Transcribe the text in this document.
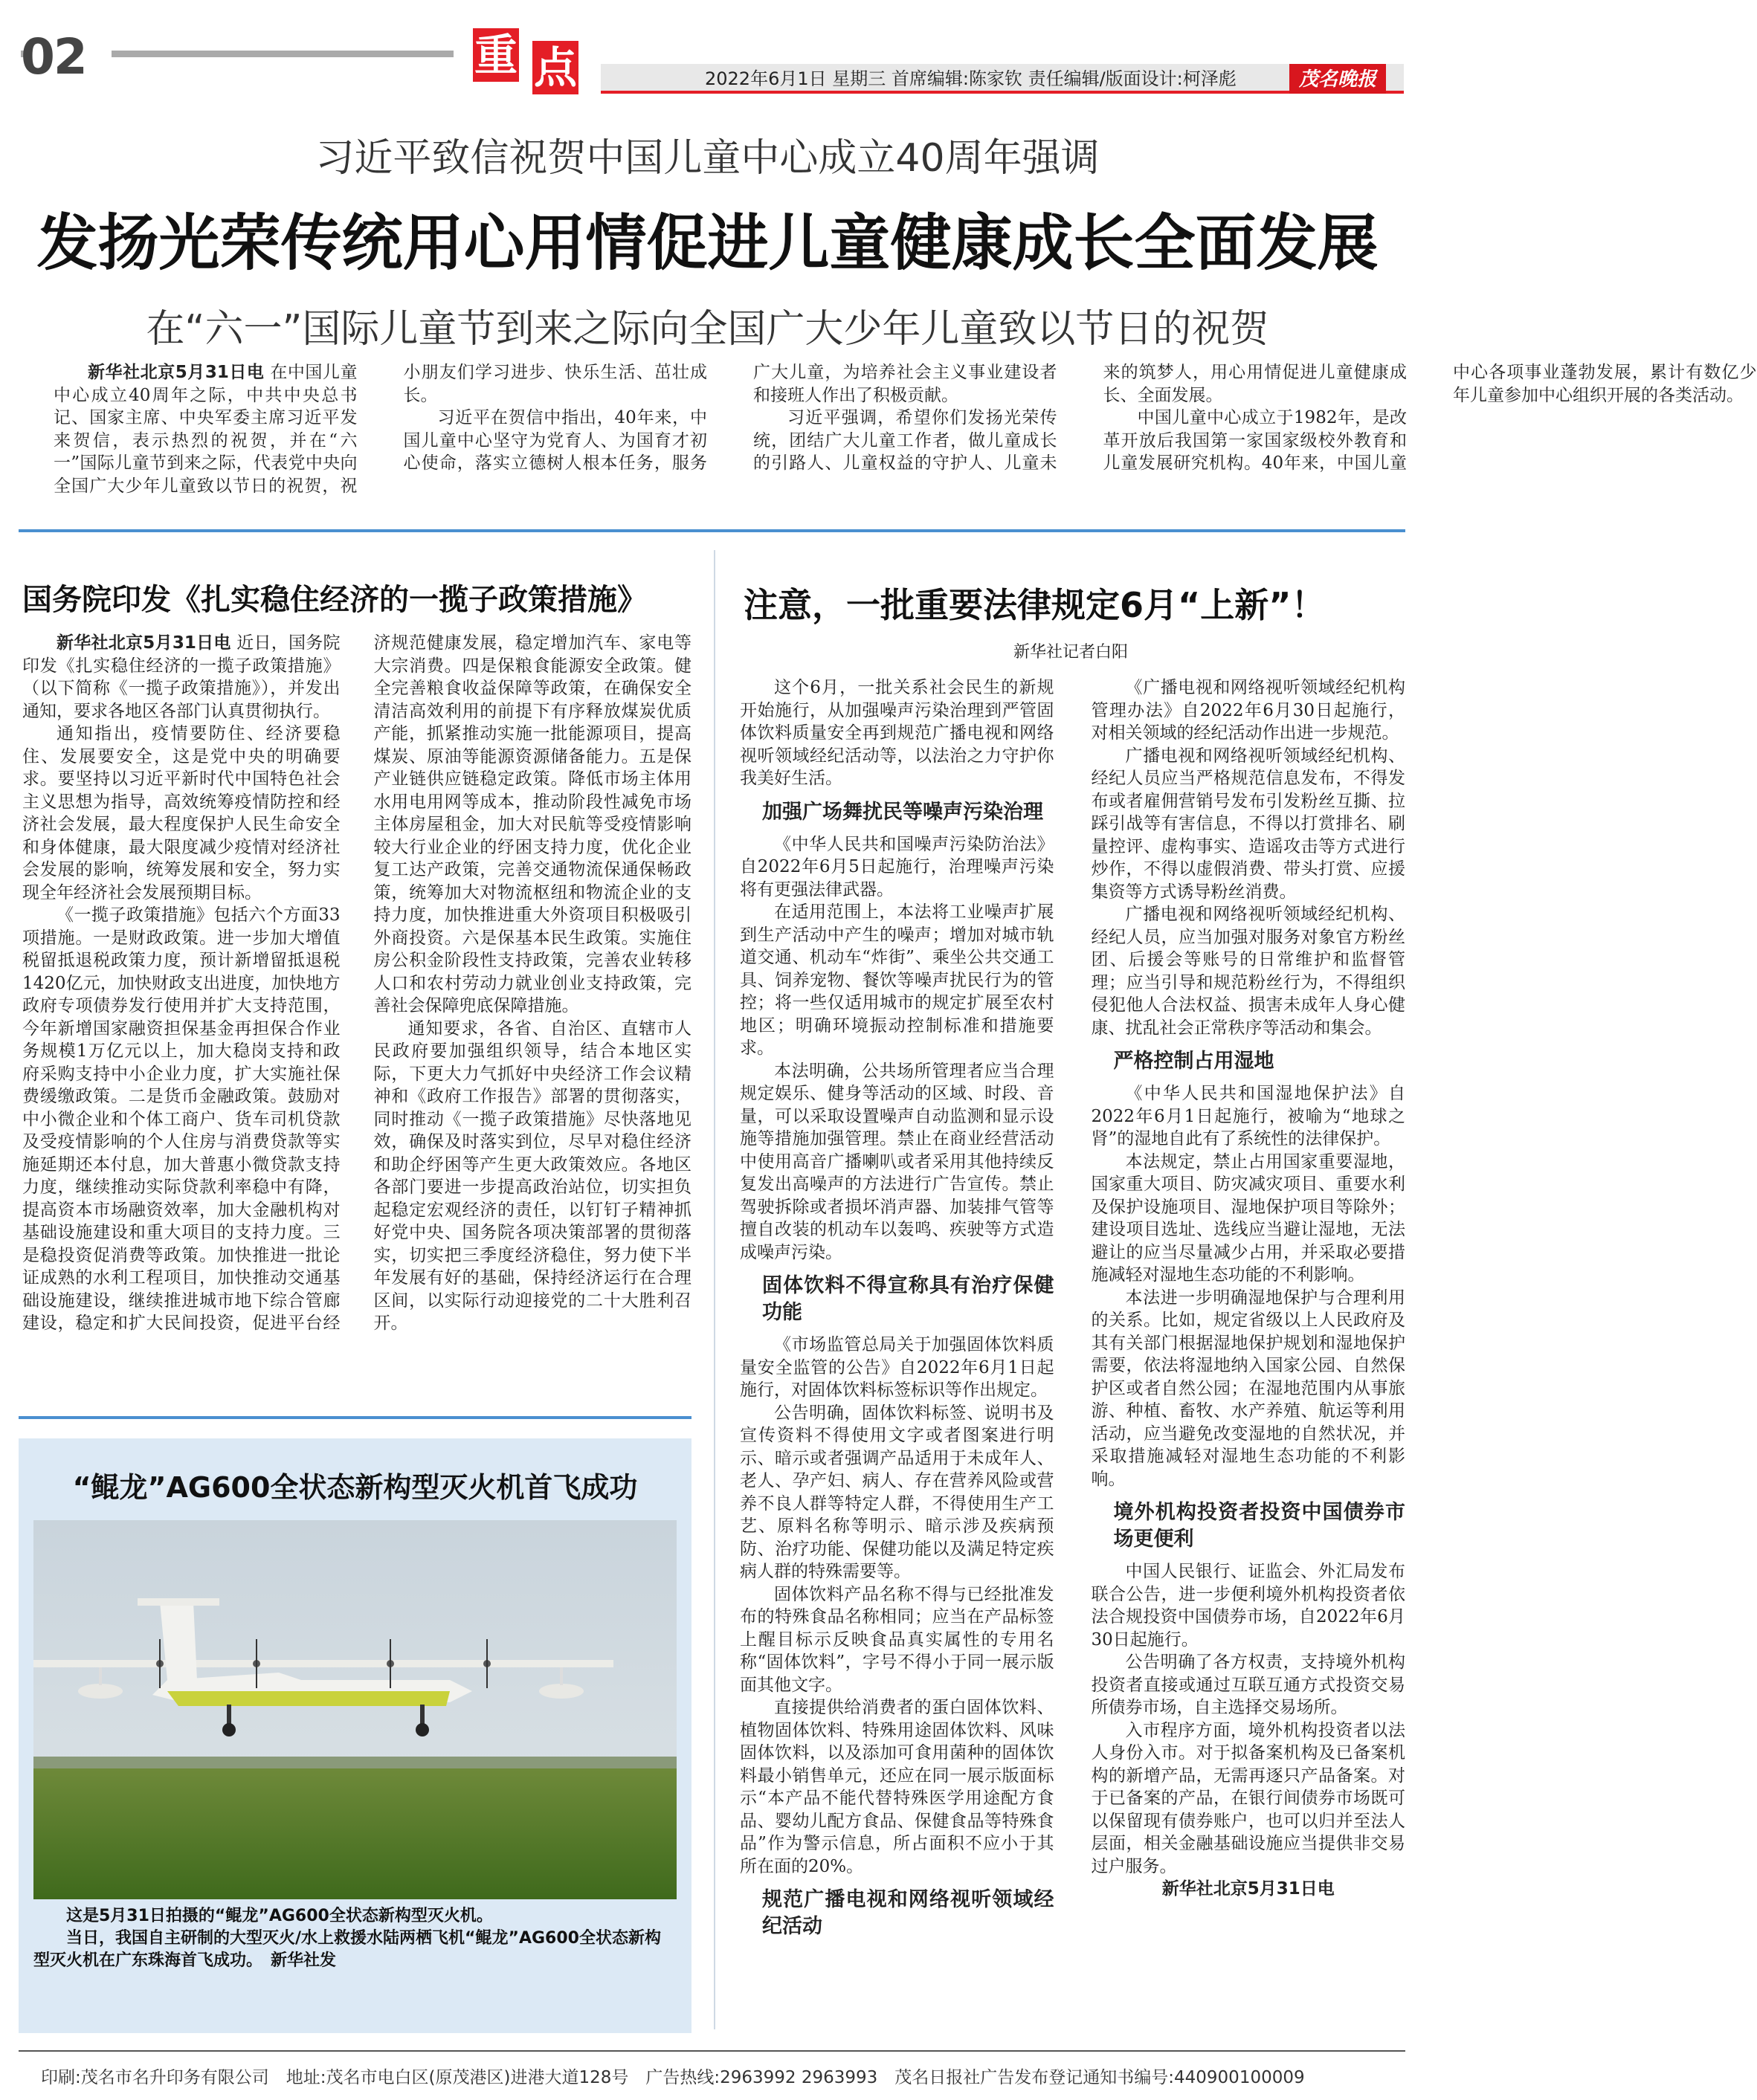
02	重 点	2022年6月1日 星期三 首席编辑:陈家钦 责任编辑/版面设计:柯泽彪	茂名晚报
习近平致信祝贺中国儿童中心成立40周年强调
发扬光荣传统用心用情促进儿童健康成长全面发展
在“六一”国际儿童节到来之际向全国广大少年儿童致以节日的祝贺

新华社北京5月31日电 在中国儿童中心成立40周年之际，中共中央总书记、国家主席、中央军委主席习近平发来贺信，表示热烈的祝贺，并在“六一”国际儿童节到来之际，代表党中央向全国广大少年儿童致以节日的祝贺，祝小朋友们学习进步、快乐生活、茁壮成长。

习近平在贺信中指出，40年来，中国儿童中心坚守为党育人、为国育才初心使命，落实立德树人根本任务，服务广大儿童，为培养社会主义事业建设者和接班人作出了积极贡献。

习近平强调，希望你们发扬光荣传统，团结广大儿童工作者，做儿童成长的引路人、儿童权益的守护人、儿童未来的筑梦人，用心用情促进儿童健康成长、全面发展。

中国儿童中心成立于1982年，是改革开放后我国第一家国家级校外教育和儿童发展研究机构。40年来，中国儿童中心各项事业蓬勃发展，累计有数亿少年儿童参加中心组织开展的各类活动。

国务院印发《扎实稳住经济的一揽子政策措施》

新华社北京5月31日电 近日，国务院印发《扎实稳住经济的一揽子政策措施》（以下简称《一揽子政策措施》），并发出通知，要求各地区各部门认真贯彻执行。

通知指出，疫情要防住、经济要稳住、发展要安全，这是党中央的明确要求。要坚持以习近平新时代中国特色社会主义思想为指导，高效统筹疫情防控和经济社会发展，最大程度保护人民生命安全和身体健康，最大限度减少疫情对经济社会发展的影响，统筹发展和安全，努力实现全年经济社会发展预期目标。

《一揽子政策措施》包括六个方面33项措施。一是财政政策。进一步加大增值税留抵退税政策力度，预计新增留抵退税1420亿元，加快财政支出进度，加快地方政府专项债券发行使用并扩大支持范围，今年新增国家融资担保基金再担保合作业务规模1万亿元以上，加大稳岗支持和政府采购支持中小企业力度，扩大实施社保费缓缴政策。二是货币金融政策。鼓励对中小微企业和个体工商户、货车司机贷款及受疫情影响的个人住房与消费贷款等实施延期还本付息，加大普惠小微贷款支持力度，继续推动实际贷款利率稳中有降，提高资本市场融资效率，加大金融机构对基础设施建设和重大项目的支持力度。三是稳投资促消费等政策。加快推进一批论证成熟的水利工程项目，加快推动交通基础设施建设，继续推进城市地下综合管廊建设，稳定和扩大民间投资，促进平台经济规范健康发展，稳定增加汽车、家电等大宗消费。四是保粮食能源安全政策。健全完善粮食收益保障等政策，在确保安全清洁高效利用的前提下有序释放煤炭优质产能，抓紧推动实施一批能源项目，提高煤炭、原油等能源资源储备能力。五是保产业链供应链稳定政策。降低市场主体用水用电用网等成本，推动阶段性减免市场主体房屋租金，加大对民航等受疫情影响较大行业企业的纾困支持力度，优化企业复工达产政策，完善交通物流保通保畅政策，统筹加大对物流枢纽和物流企业的支持力度，加快推进重大外资项目积极吸引外商投资。六是保基本民生政策。实施住房公积金阶段性支持政策，完善农业转移人口和农村劳动力就业创业支持政策，完善社会保障兜底保障措施。

通知要求，各省、自治区、直辖市人民政府要加强组织领导，结合本地区实际，下更大力气抓好中央经济工作会议精神和《政府工作报告》部署的贯彻落实，同时推动《一揽子政策措施》尽快落地见效，确保及时落实到位，尽早对稳住经济和助企纾困等产生更大政策效应。各地区各部门要进一步提高政治站位，切实担负起稳定宏观经济的责任，以钉钉子精神抓好党中央、国务院各项决策部署的贯彻落实，切实把三季度经济稳住，努力使下半年发展有好的基础，保持经济运行在合理区间，以实际行动迎接党的二十大胜利召开。

注意，一批重要法律规定6月“上新”！
新华社记者白阳

这个6月，一批关系社会民生的新规开始施行，从加强噪声污染治理到严管固体饮料质量安全再到规范广播电视和网络视听领域经纪活动等，以法治之力守护你我美好生活。

加强广场舞扰民等噪声污染治理

《中华人民共和国噪声污染防治法》自2022年6月5日起施行，治理噪声污染将有更强法律武器。

在适用范围上，本法将工业噪声扩展到生产活动中产生的噪声；增加对城市轨道交通、机动车“炸街”、乘坐公共交通工具、饲养宠物、餐饮等噪声扰民行为的管控；将一些仅适用城市的规定扩展至农村地区；明确环境振动控制标准和措施要求。

本法明确，公共场所管理者应当合理规定娱乐、健身等活动的区域、时段、音量，可以采取设置噪声自动监测和显示设施等措施加强管理。禁止在商业经营活动中使用高音广播喇叭或者采用其他持续反复发出高噪声的方法进行广告宣传。禁止驾驶拆除或者损坏消声器、加装排气管等擅自改装的机动车以轰鸣、疾驶等方式造成噪声污染。

固体饮料不得宣称具有治疗保健功能

《市场监管总局关于加强固体饮料质量安全监管的公告》自2022年6月1日起施行，对固体饮料标签标识等作出规定。

公告明确，固体饮料标签、说明书及宣传资料不得使用文字或者图案进行明示、暗示或者强调产品适用于未成年人、老人、孕产妇、病人、存在营养风险或营养不良人群等特定人群，不得使用生产工艺、原料名称等明示、暗示涉及疾病预防、治疗功能、保健功能以及满足特定疾病人群的特殊需要等。

固体饮料产品名称不得与已经批准发布的特殊食品名称相同；应当在产品标签上醒目标示反映食品真实属性的专用名称“固体饮料”，字号不得小于同一展示版面其他文字。

直接提供给消费者的蛋白固体饮料、植物固体饮料、特殊用途固体饮料、风味固体饮料，以及添加可食用菌种的固体饮料最小销售单元，还应在同一展示版面标示“本产品不能代替特殊医学用途配方食品、婴幼儿配方食品、保健食品等特殊食品”作为警示信息，所占面积不应小于其所在面的20%。

规范广播电视和网络视听领域经纪活动

《广播电视和网络视听领域经纪机构管理办法》自2022年6月30日起施行，对相关领域的经纪活动作出进一步规范。

广播电视和网络视听领域经纪机构、经纪人员应当严格规范信息发布，不得发布或者雇佣营销号发布引发粉丝互撕、拉踩引战等有害信息，不得以打赏排名、刷量控评、虚构事实、造谣攻击等方式进行炒作，不得以虚假消费、带头打赏、应援集资等方式诱导粉丝消费。

广播电视和网络视听领域经纪机构、经纪人员，应当加强对服务对象官方粉丝团、后援会等账号的日常维护和监督管理；应当引导和规范粉丝行为，不得组织侵犯他人合法权益、损害未成年人身心健康、扰乱社会正常秩序等活动和集会。

严格控制占用湿地

《中华人民共和国湿地保护法》自2022年6月1日起施行，被喻为“地球之肾”的湿地自此有了系统性的法律保护。

本法规定，禁止占用国家重要湿地，国家重大项目、防灾减灾项目、重要水利及保护设施项目、湿地保护项目等除外；建设项目选址、选线应当避让湿地，无法避让的应当尽量减少占用，并采取必要措施减轻对湿地生态功能的不利影响。

本法进一步明确湿地保护与合理利用的关系。比如，规定省级以上人民政府及其有关部门根据湿地保护规划和湿地保护需要，依法将湿地纳入国家公园、自然保护区或者自然公园；在湿地范围内从事旅游、种植、畜牧、水产养殖、航运等利用活动，应当避免改变湿地的自然状况，并采取措施减轻对湿地生态功能的不利影响。

境外机构投资者投资中国债券市场更便利

中国人民银行、证监会、外汇局发布联合公告，进一步便利境外机构投资者依法合规投资中国债券市场，自2022年6月30日起施行。

公告明确了各方权责，支持境外机构投资者直接或通过互联互通方式投资交易所债券市场，自主选择交易场所。

入市程序方面，境外机构投资者以法人身份入市。对于拟备案机构及已备案机构的新增产品，无需再逐只产品备案。对于已备案的产品，在银行间债券市场既可以保留现有债券账户，也可以归并至法人层面，相关金融基础设施应当提供非交易过户服务。

新华社北京5月31日电

“鲲龙”AG600全状态新构型灭火机首飞成功

这是5月31日拍摄的“鲲龙”AG600全状态新构型灭火机。

当日，我国自主研制的大型灭火/水上救援水陆两栖飞机“鲲龙”AG600全状态新构型灭火机在广东珠海首飞成功。　新华社发

印刷:茂名市名升印务有限公司　地址:茂名市电白区(原茂港区)进港大道128号　广告热线:2963992 2963993　茂名日报社广告发布登记通知书编号:440900100009
